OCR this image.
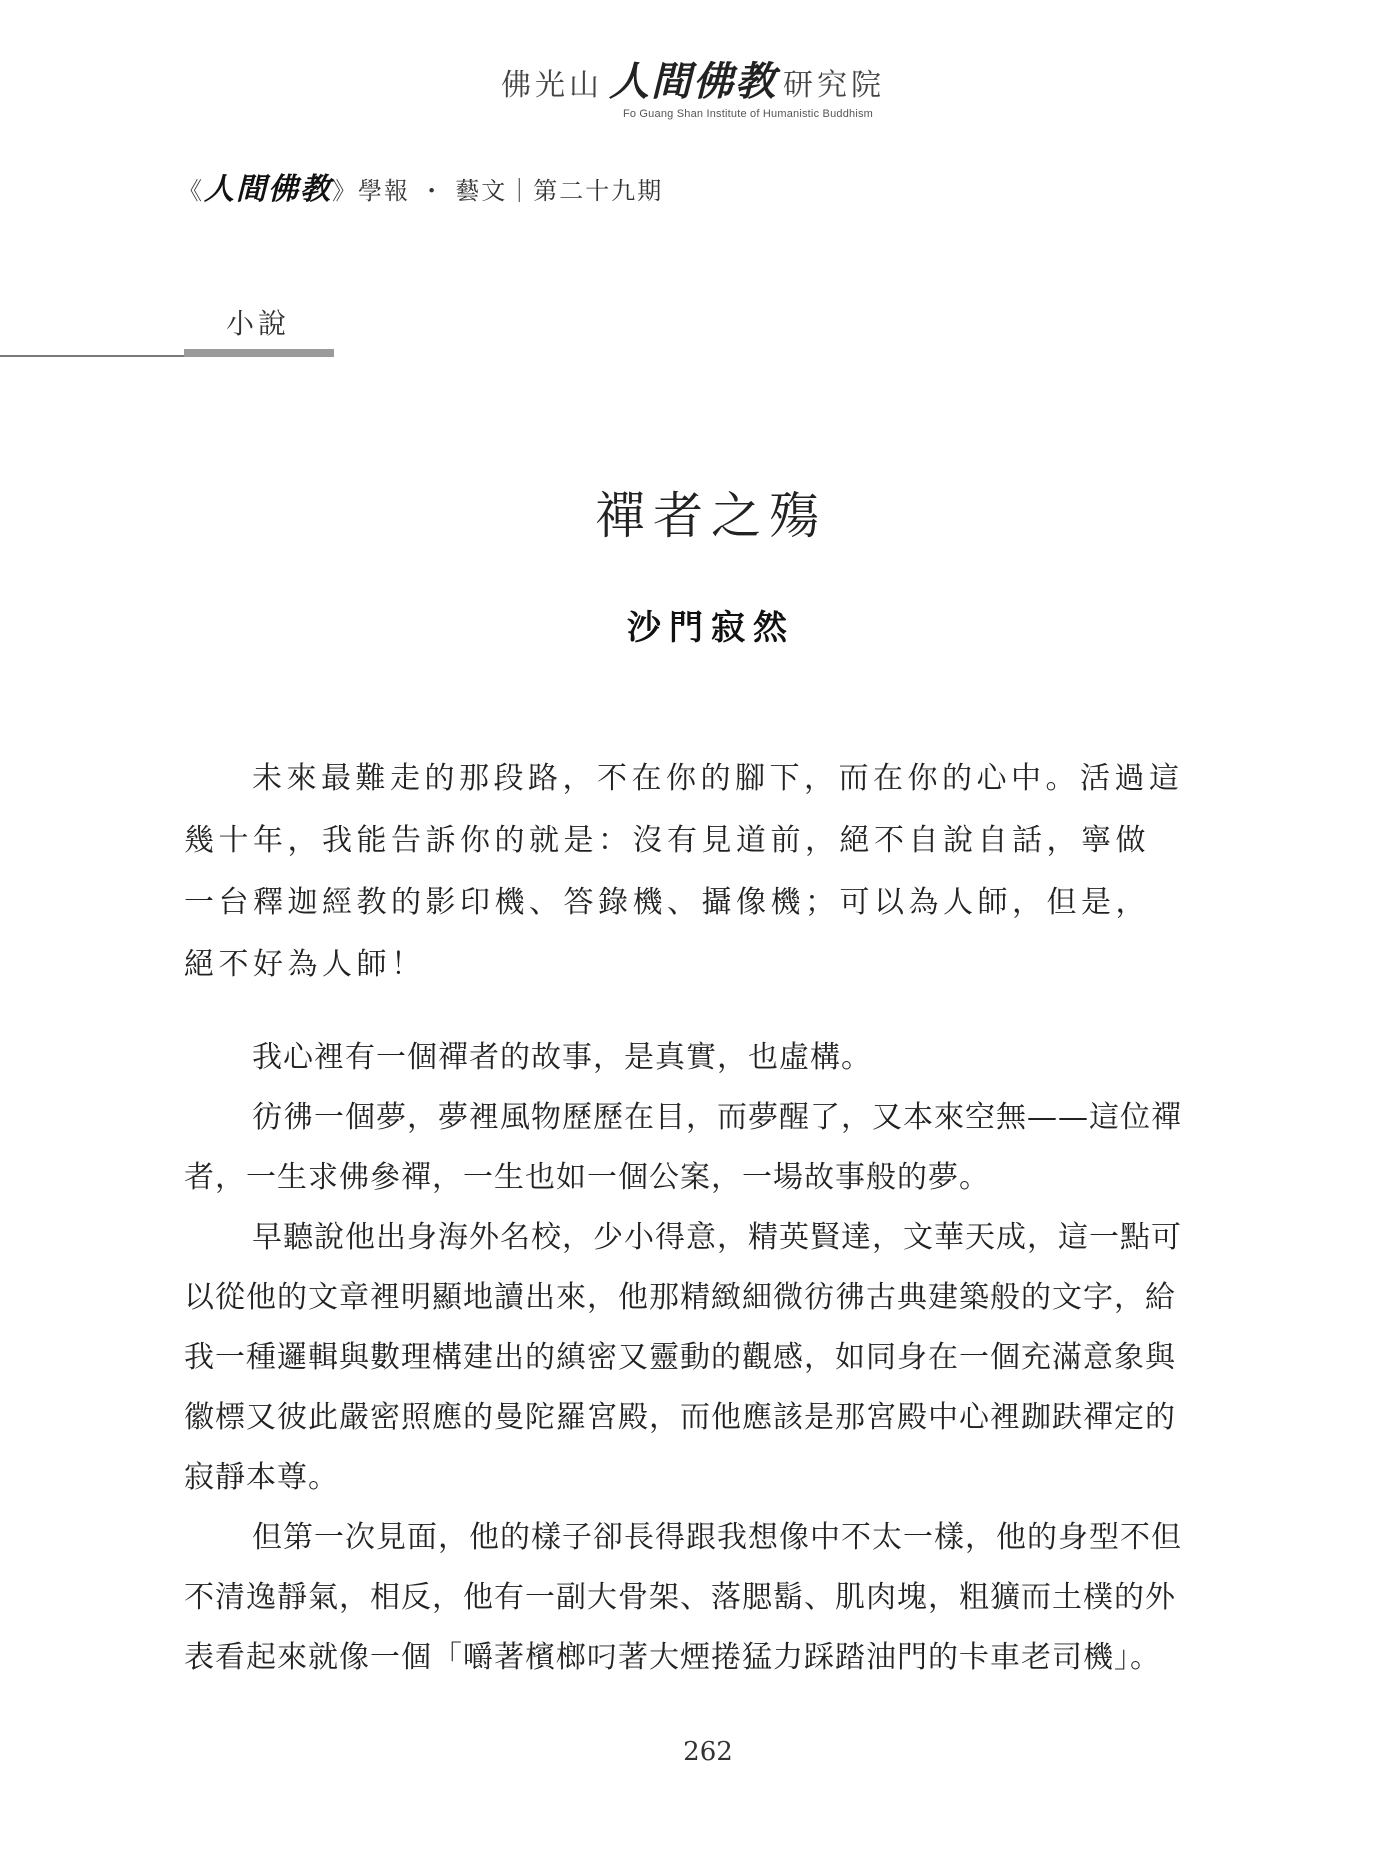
佛光山 人間佛教 研究院
Fo Guang Shan Institute of Humanistic Buddhism
《人間佛教》學報 ・ 藝文｜第二十九期
小說
禪者之殤
沙門寂然

未來最難走的那段路，不在你的腳下，而在你的心中。活過這幾十年，我能告訴你的就是：沒有見道前，絕不自說自話，寧做一台釋迦經教的影印機、答錄機、攝像機；可以為人師，但是，絕不好為人師！

我心裡有一個禪者的故事，是真實，也虛構。

彷彿一個夢，夢裡風物歷歷在目，而夢醒了，又本來空無——這位禪者，一生求佛參禪，一生也如一個公案，一場故事般的夢。

早聽說他出身海外名校，少小得意，精英賢達，文華天成，這一點可以從他的文章裡明顯地讀出來，他那精緻細微彷彿古典建築般的文字，給我一種邏輯與數理構建出的縝密又靈動的觀感，如同身在一個充滿意象與徽標又彼此嚴密照應的曼陀羅宮殿，而他應該是那宮殿中心裡跏趺禪定的寂靜本尊。

但第一次見面，他的樣子卻長得跟我想像中不太一樣，他的身型不但不清逸靜氣，相反，他有一副大骨架、落腮鬍、肌肉塊，粗獷而土樸的外表看起來就像一個「嚼著檳榔叼著大煙捲猛力踩踏油門的卡車老司機」。

262
